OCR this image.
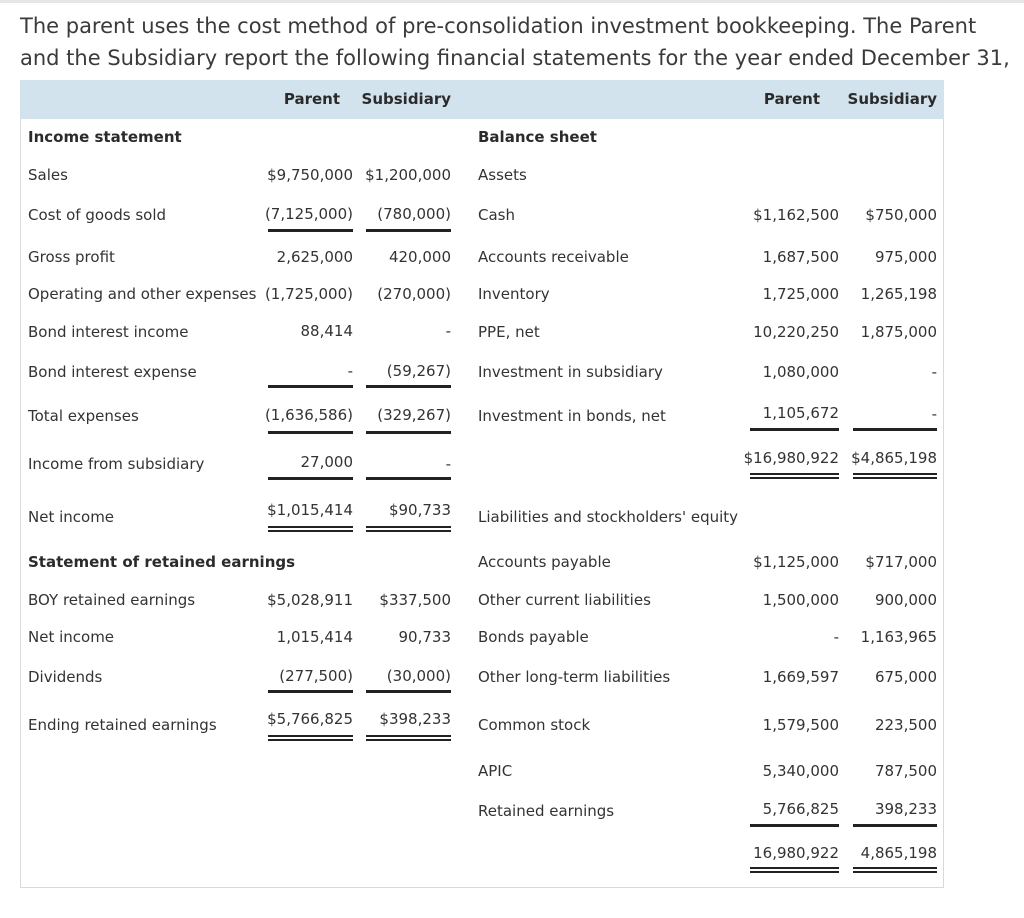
The parent uses the cost method of pre-consolidation investment bookkeeping. The Parent and the Subsidiary report the following financial statements for the year ended December 31,

Parent	Subsidiary	Parent	Subsidiary
Income statement
Sales	$9,750,000 $1,200,000
Cost of goods sold	(7,125,000)	(780,000)
Gross profit	2,625,000	420,000
Operating and other expenses (1,725,000)	(270,000)
Bond interest income	88,414	-
Bond interest expense	-	(59,267)
Total expenses	(1,636,586)	(329,267)
Income from subsidiary	27,000	-
Net income	$1,015,414	$90,733
Statement of retained earnings
BOY retained earnings	$5,028,911	$337,500
Net income	1,015,414	90,733
Dividends	(277,500)	(30,000)
Ending retained earnings	$5,766,825	$398,233
Balance sheet
Assets
Cash	$1,162,500	$750,000
Accounts receivable	1,687,500	975,000
Inventory	1,725,000	1,265,198
PPE, net	10,220,250	1,875,000
Investment in subsidiary	1,080,000	-
Investment in bonds, net	1,105,672	-
$16,980,922 $4,865,198
Liabilities and stockholders' equity
Accounts payable	$1,125,000	$717,000
Other current liabilities	1,500,000	900,000
Bonds payable	-	1,163,965
Other long-term liabilities	1,669,597	675,000
Common stock	1,579,500	223,500
APIC	5,340,000	787,500
Retained earnings	5,766,825	398,233
16,980,922	4,865,198
